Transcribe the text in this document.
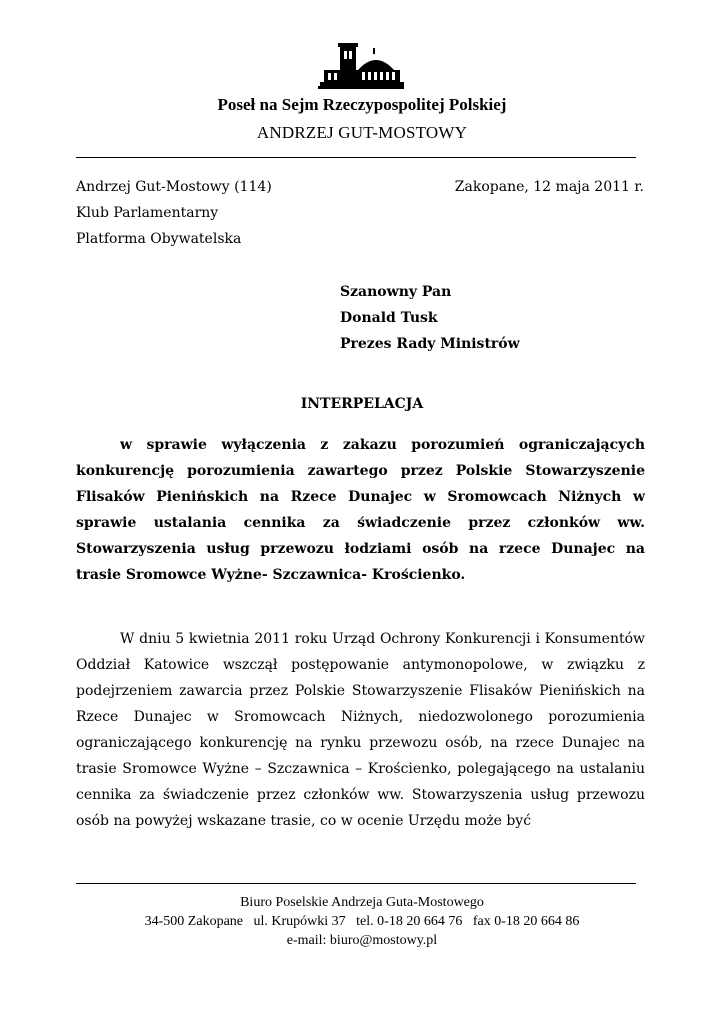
Poseł na Sejm Rzeczypospolitej Polskiej
ANDRZEJ GUT-MOSTOWY
Andrzej Gut-Mostowy (114)
Klub Parlamentarny
Platforma Obywatelska
Zakopane, 12 maja 2011 r.
Szanowny Pan
Donald Tusk
Prezes Rady Ministrów
INTERPELACJA
w sprawie wyłączenia z zakazu porozumień ograniczających konkurencję porozumienia zawartego przez Polskie Stowarzyszenie Flisaków Pienińskich na Rzece Dunajec w Sromowcach Niżnych w sprawie ustalania cennika za świadczenie przez członków ww. Stowarzyszenia usług przewozu łodziami osób na rzece Dunajec na trasie Sromowce Wyżne- Szczawnica- Krościenko.
W dniu 5 kwietnia 2011 roku Urząd Ochrony Konkurencji i Konsumentów Oddział Katowice wszczął postępowanie antymonopolowe, w związku z podejrzeniem zawarcia przez Polskie Stowarzyszenie Flisaków Pienińskich na Rzece Dunajec w Sromowcach Niżnych, niedozwolonego porozumienia ograniczającego konkurencję na rynku przewozu osób, na rzece Dunajec na trasie Sromowce Wyżne – Szczawnica – Krościenko, polegającego na ustalaniu cennika za świadczenie przez członków ww. Stowarzyszenia usług przewozu osób na powyżej wskazane trasie, co w ocenie Urzędu może być
Biuro Poselskie Andrzeja Guta-Mostowego
34-500 Zakopane   ul. Krupówki 37   tel. 0-18 20 664 76   fax 0-18 20 664 86
e-mail: biuro@mostowy.pl
